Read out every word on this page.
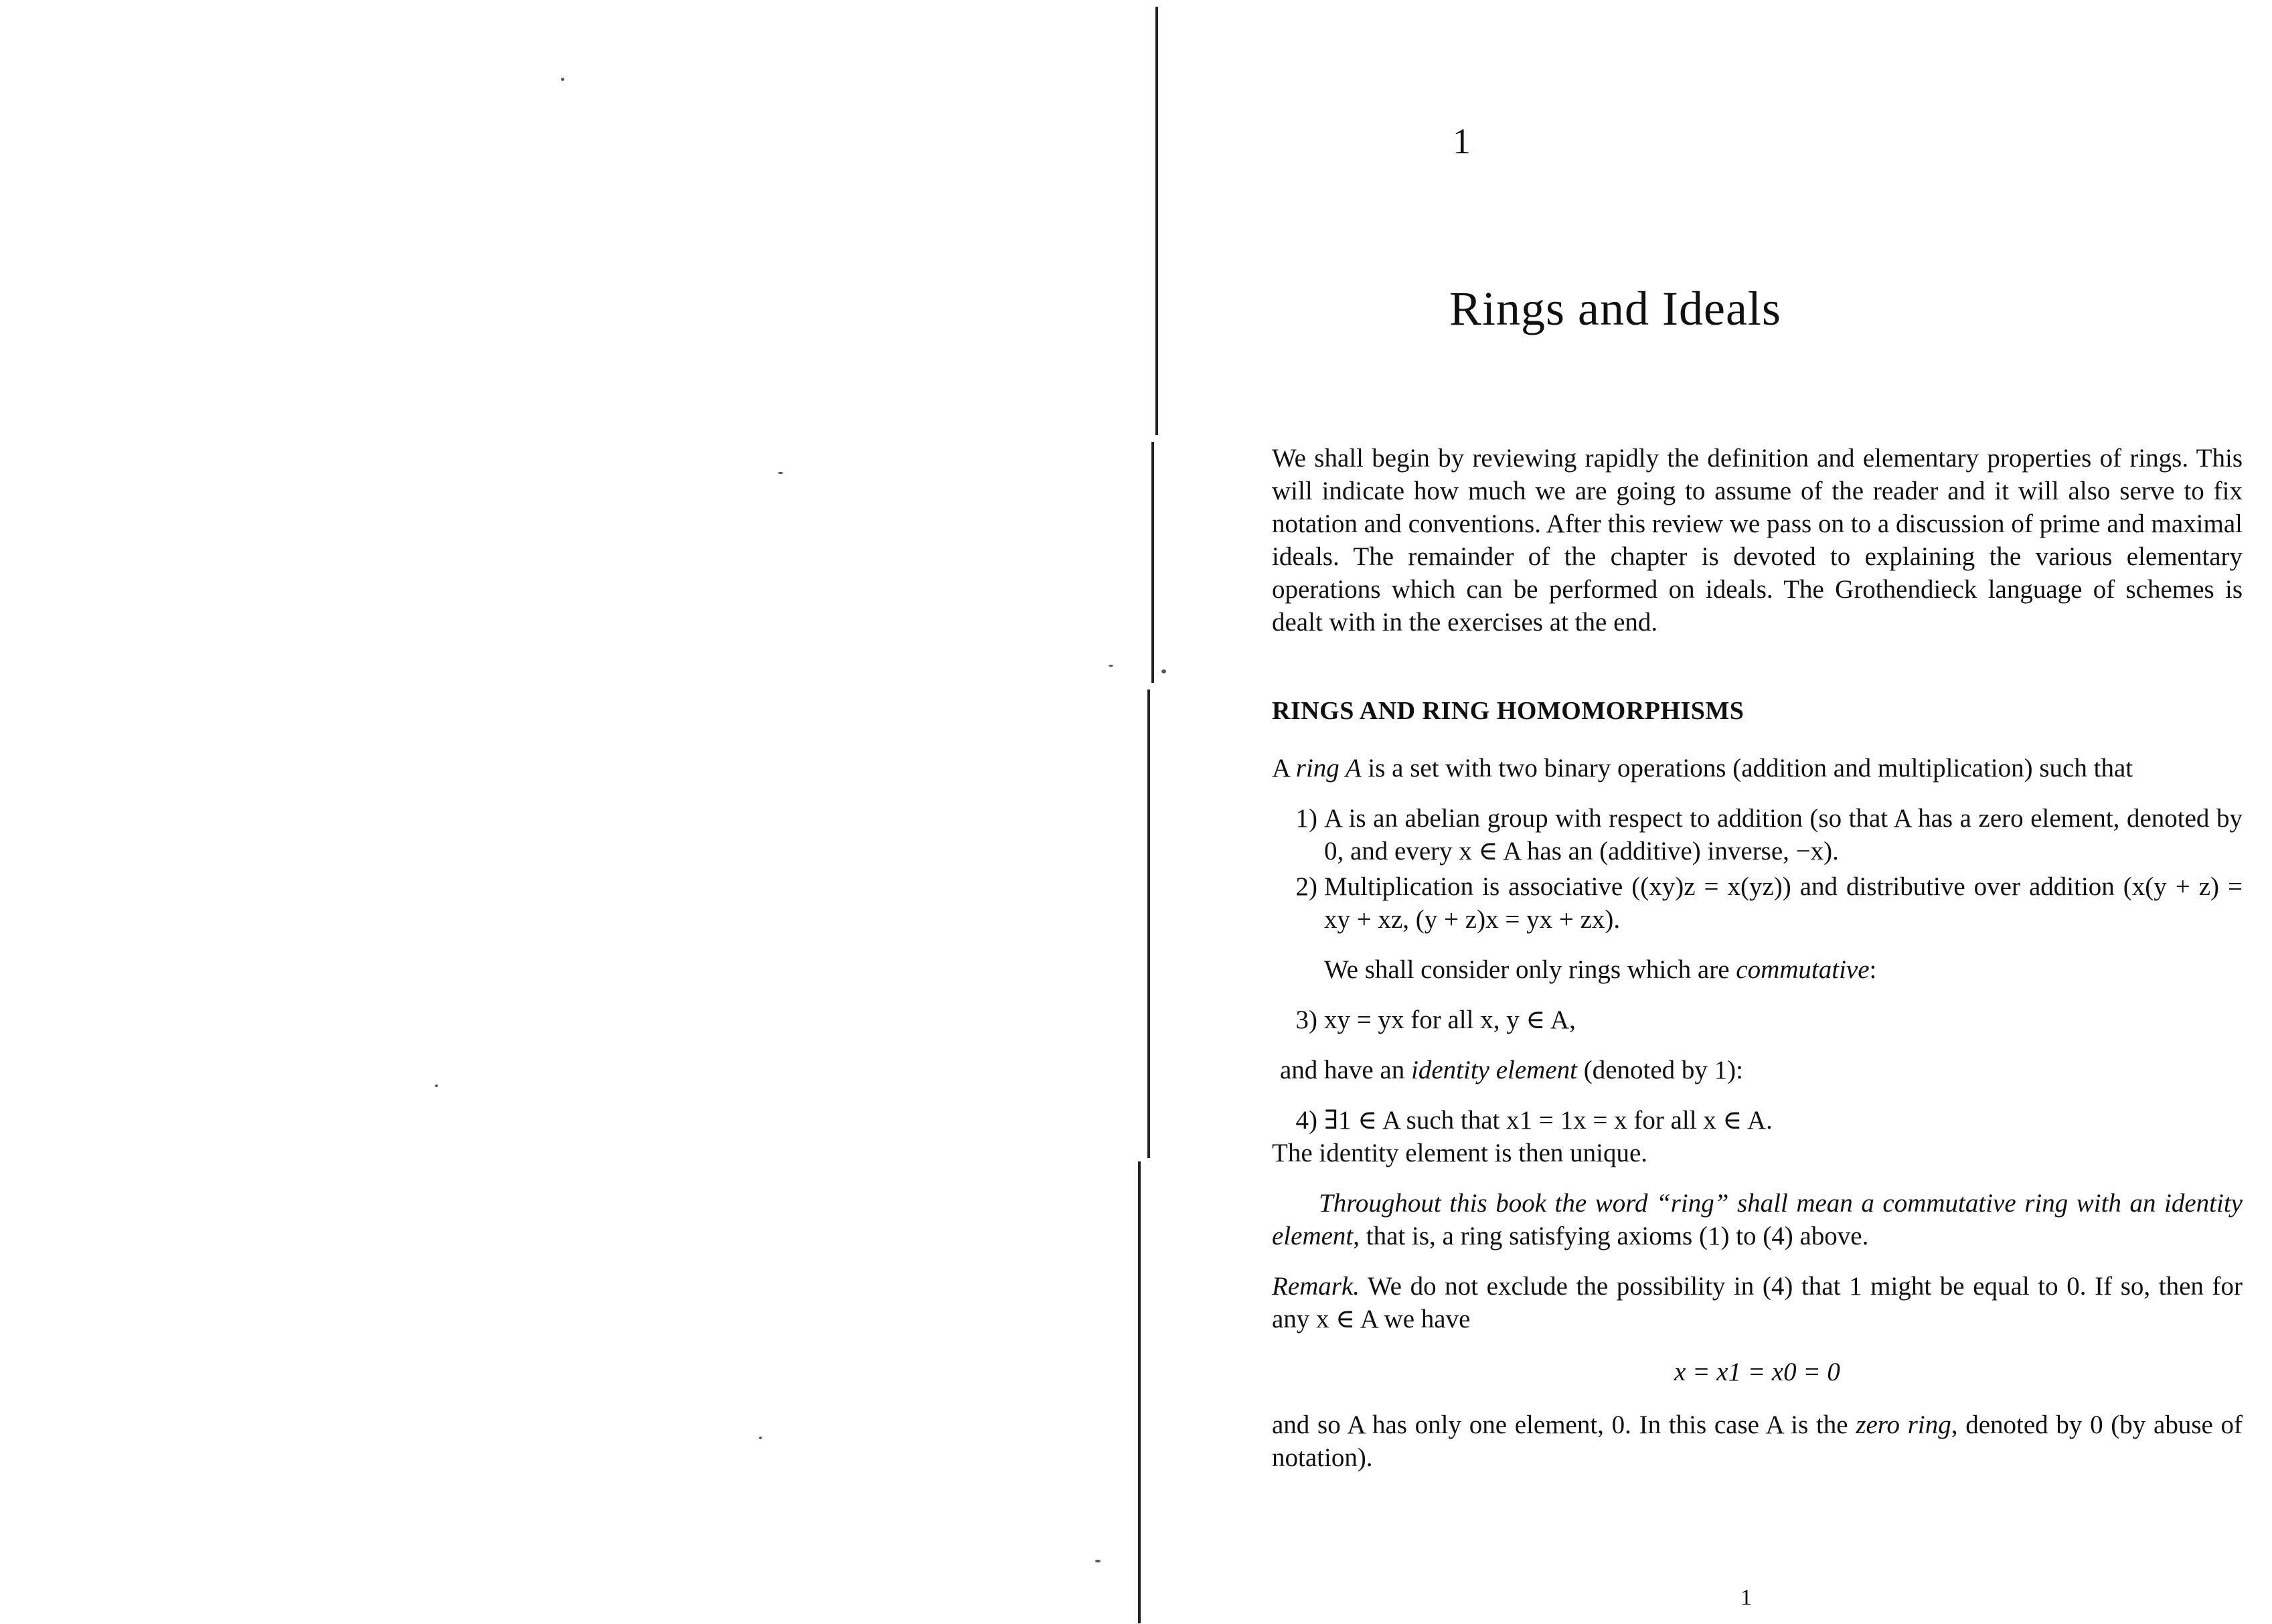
1
Rings and Ideals

We shall begin by reviewing rapidly the definition and elementary properties of rings. This will indicate how much we are going to assume of the reader and it will also serve to fix notation and conventions. After this review we pass on to a discussion of prime and maximal ideals. The remainder of the chapter is devoted to explaining the various elementary operations which can be performed on ideals. The Grothendieck language of schemes is dealt with in the exercises at the end.

RINGS AND RING HOMOMORPHISMS

A ring A is a set with two binary operations (addition and multiplication) such that

1) A is an abelian group with respect to addition (so that A has a zero element, denoted by 0, and every x ∈ A has an (additive) inverse, −x).
2) Multiplication is associative ((xy)z = x(yz)) and distributive over addition (x(y + z) = xy + xz, (y + z)x = yx + zx).

We shall consider only rings which are commutative:

3) xy = yx for all x, y ∈ A,

and have an identity element (denoted by 1):

4) ∃1 ∈ A such that x1 = 1x = x for all x ∈ A.

The identity element is then unique.

Throughout this book the word “ring” shall mean a commutative ring with an identity element, that is, a ring satisfying axioms (1) to (4) above.

Remark. We do not exclude the possibility in (4) that 1 might be equal to 0. If so, then for any x ∈ A we have

x = x1 = x0 = 0

and so A has only one element, 0. In this case A is the zero ring, denoted by 0 (by abuse of notation).

1
